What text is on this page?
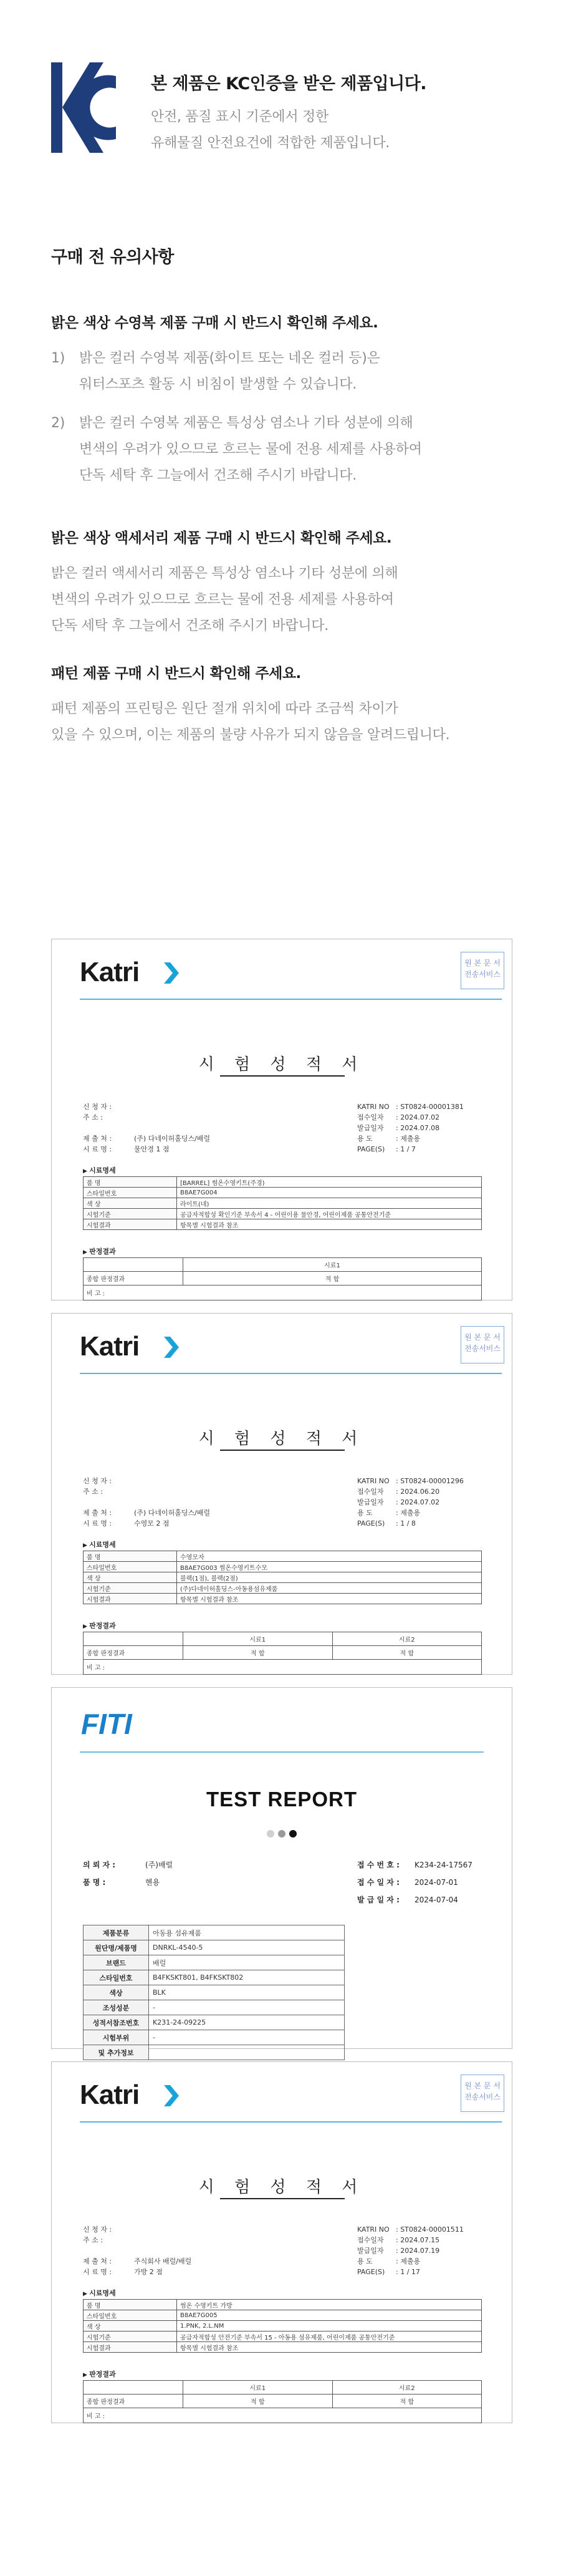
본 제품은 KC인증을 받은 제품입니다.
안전, 품질 표시 기준에서 정한
유해물질 안전요건에 적합한 제품입니다.
구매 전 유의사항
밝은 색상 수영복 제품 구매 시 반드시 확인해 주세요.
1)	밝은 컬러 수영복 제품(화이트 또는 네온 컬러 등)은
워터스포츠 활동 시 비침이 발생할 수 있습니다.
2)	밝은 컬러 수영복 제품은 특성상 염소나 기타 성분에 의해
변색의 우려가 있으므로 흐르는 물에 전용 세제를 사용하여
단독 세탁 후 그늘에서 건조해 주시기 바랍니다.
밝은 색상 액세서리 제품 구매 시 반드시 확인해 주세요.
밝은 컬러 액세서리 제품은 특성상 염소나 기타 성분에 의해
변색의 우려가 있으므로 흐르는 물에 전용 세제를 사용하여
단독 세탁 후 그늘에서 건조해 주시기 바랍니다.
패턴 제품 구매 시 반드시 확인해 주세요.
패턴 제품의 프린팅은 원단 절개 위치에 따라 조금씩 차이가
있을 수 있으며, 이는 제품의 불량 사유가 되지 않음을 알려드립니다.
Katri	원 본 문 서
전송서비스
시 험 성 적 서
신 청 자 :
주 소 :
제 출 처 :	(주) 다네이허홀딩스/배럴
시 료 명 :	물안경 1 점
KATRI NO : ST0824-00001381
접수일자	: 2024.07.02
발급일자	: 2024.07.08
용 도	: 제출용
PAGE(S)	: 1 / 7
▶ 시료명세
품 명	[BARREL] 썸온수영키트(주경)
스타일번호	B8AE7G004
색 상	라이트(네)
시험기준	공급자적합성 확인기준 부속서 4 - 어린이용 물안경, 어린이제품 공통안전기준
시험결과	항목별 시험결과 참조
▶ 판정결과
	시료1
종합 판정결과	적 합
비 고 :	
Katri	원 본 문 서
전송서비스
시 험 성 적 서
신 청 자 :
주 소 :
제 출 처 :	(주) 다네이허홀딩스/배럴
시 료 명 :	수영모 2 점
KATRI NO : ST0824-00001296
접수일자	: 2024.06.20
발급일자	: 2024.07.02
용 도	: 제출용
PAGE(S)	: 1 / 8
▶ 시료명세
품 명	수영모자
스타일번호	B8AE7G003 썸온수영키트수모
색 상	블랙(1점), 블랙(2점)
시험기준	(주)다네이허홀딩스-아동용섬유제품
시험결과	항목별 시험결과 참조
▶ 판정결과
	시료1	시료2
종합 판정결과	적 합	적 합
비 고 :		
FITI
TEST REPORT
의 뢰 자 :	(주)배럴
품 명 :	헨용
접 수 번 호 :	K234-24-17567
접 수 일 자 :	2024-07-01
발 급 일 자 :	2024-07-04
제품분류	아동용 섬유제품
원단명/제품명	DNRKL-4540-5
브랜드	배럴
스타일번호	B4FKSKT801, B4FKSKT802
색상	BLK
조성성분	-
성적서참조번호	K231-24-09225
시험부위	-
및 추가정보	
Katri	원 본 문 서
전송서비스
시 험 성 적 서
신 청 자 :
주 소 :
제 출 처 :	주식회사 배럴/배럴
시 료 명 :	가방 2 점
KATRI NO : ST0824-00001511
접수일자	: 2024.07.15
발급일자	: 2024.07.19
용 도	: 제출용
PAGE(S)	: 1 / 17
▶ 시료명세
품 명	썸온 수영키트 가방
스타일번호	B8AE7G005
색 상	1.PNK, 2.L.NM
시험기준	공급자적합성 안전기준 부속서 15 - 아동용 섬유제품, 어린이제품 공통안전기준
시험결과	항목별 시험결과 참조
▶ 판정결과
	시료1	시료2
종합 판정결과	적 합	적 합
비 고 :		
